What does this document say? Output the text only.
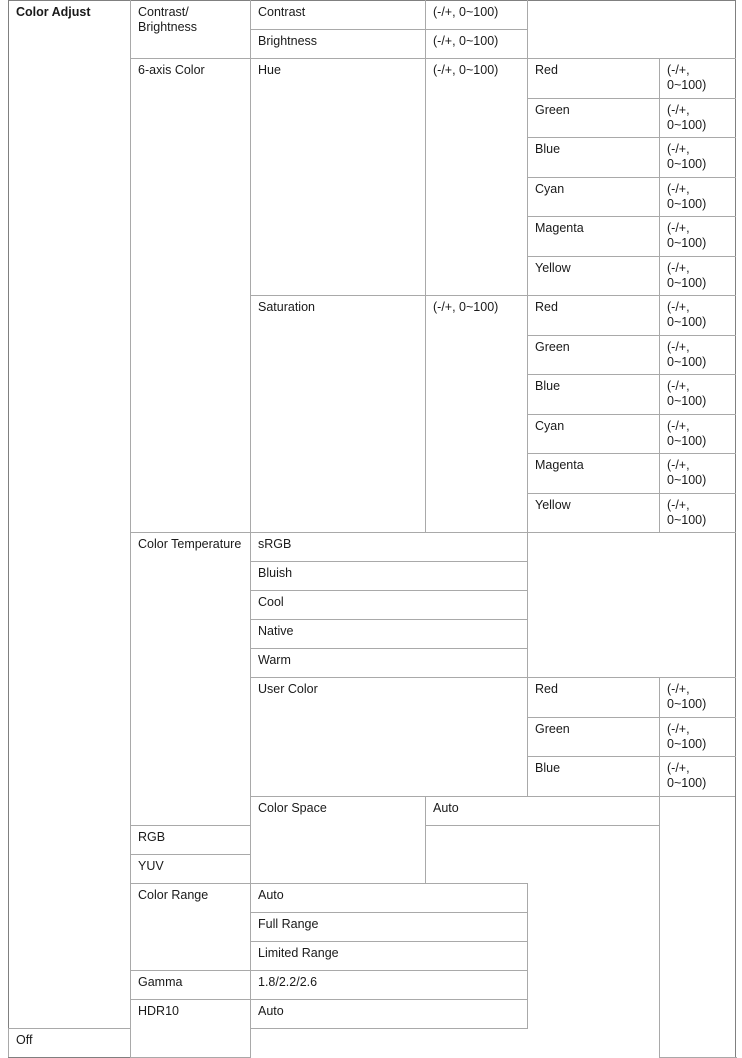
Color Adjust	Contrast/ Brightness	Contrast	(-/+, 0~100)		
		Brightness	(-/+, 0~100)		
	6-axis Color	Hue	(-/+, 0~100)	Red	(-/+, 0~100)
				Green	(-/+, 0~100)
				Blue	(-/+, 0~100)
				Cyan	(-/+, 0~100)
				Magenta	(-/+, 0~100)
				Yellow	(-/+, 0~100)
		Saturation	(-/+, 0~100)	Red	(-/+, 0~100)
				Green	(-/+, 0~100)
				Blue	(-/+, 0~100)
				Cyan	(-/+, 0~100)
				Magenta	(-/+, 0~100)
				Yellow	(-/+, 0~100)
	Color Temperature	sRGB			
		Bluish			
		Cool			
		Native			
		Warm			
		User Color		Red	(-/+, 0~100)
				Green	(-/+, 0~100)
				Blue	(-/+, 0~100)
		Color Space	Auto		
	RGB				
	YUV				
	Color Range	Auto			
		Full Range			
		Limited Range			
	Gamma	1.8/2.2/2.6			
	HDR10	Auto			
Off					
